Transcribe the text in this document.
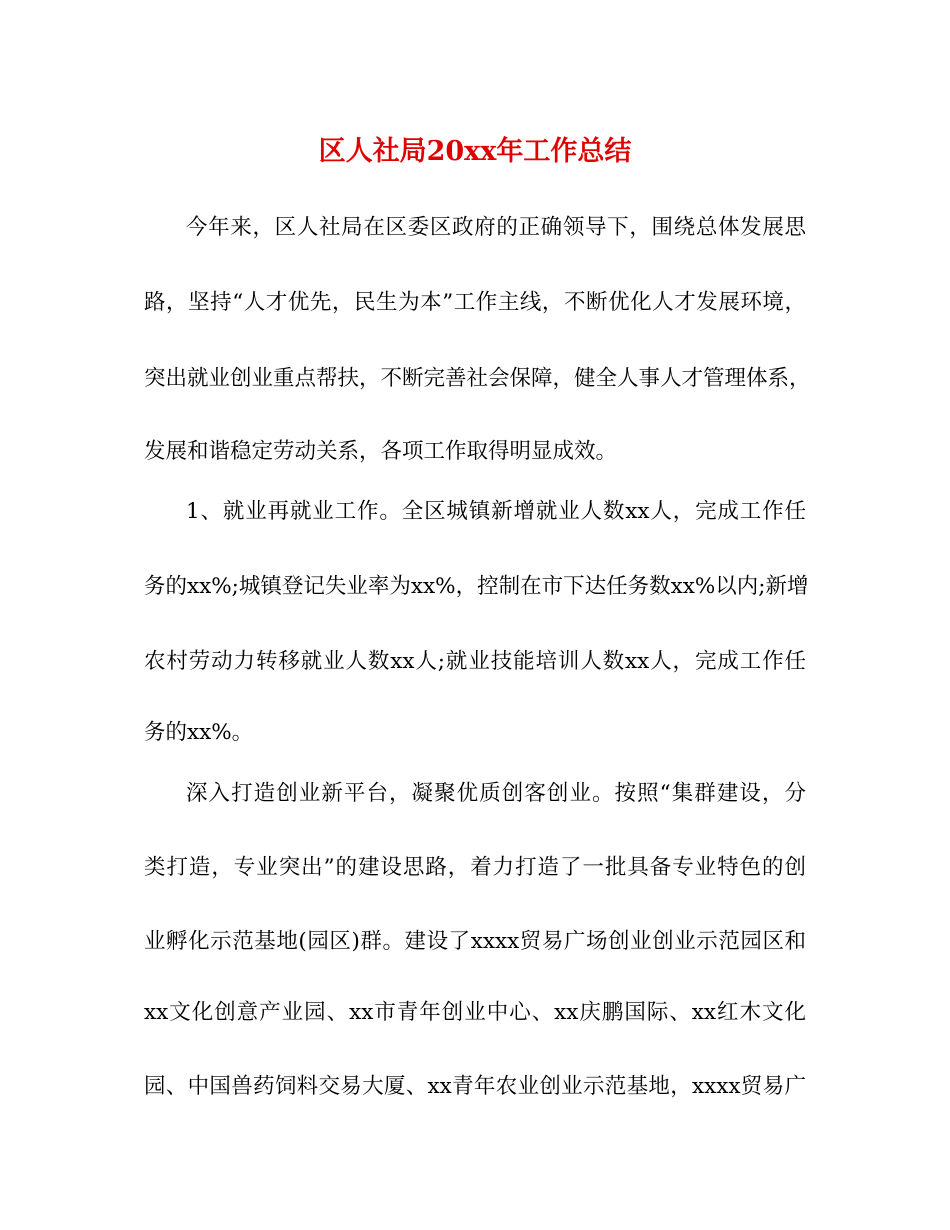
区人社局20xx年工作总结
今年来，区人社局在区委区政府的正确领导下，围绕总体发展思
路，坚持“人才优先，民生为本”工作主线，不断优化人才发展环境，
突出就业创业重点帮扶，不断完善社会保障，健全人事人才管理体系，
发展和谐稳定劳动关系，各项工作取得明显成效。
1、就业再就业工作。全区城镇新增就业人数xx人，完成工作任
务的xx%;城镇登记失业率为xx%，控制在市下达任务数xx%以内;新增
农村劳动力转移就业人数xx人;就业技能培训人数xx人，完成工作任
务的xx%。
深入打造创业新平台，凝聚优质创客创业。按照“集群建设，分
类打造，专业突出”的建设思路，着力打造了一批具备专业特色的创
业孵化示范基地(园区)群。建设了xxxx贸易广场创业创业示范园区和
xx文化创意产业园、xx市青年创业中心、xx庆鹏国际、xx红木文化
园、中国兽药饲料交易大厦、xx青年农业创业示范基地，xxxx贸易广
